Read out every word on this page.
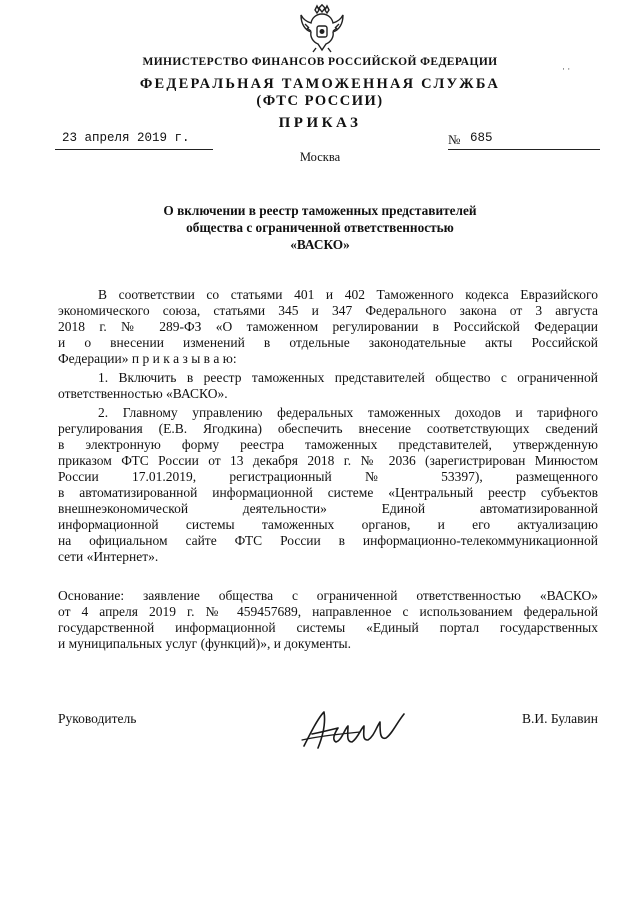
МИНИСТЕРСТВО ФИНАНСОВ РОССИЙСКОЙ ФЕДЕРАЦИИ
· ·
ФЕДЕРАЛЬНАЯ ТАМОЖЕННАЯ СЛУЖБА
(ФТС РОССИИ)
ПРИКАЗ
23 апреля 2019 г.	№ 685
Москва
О включении в реестр таможенных представителей
общества с ограниченной ответственностью
«ВАСКО»
В соответствии со статьями 401 и 402 Таможенного кодекса Евразийского
экономического союза, статьями 345 и 347 Федерального закона от 3 августа
2018 г. № 289-ФЗ «О таможенном регулировании в Российской Федерации
и о внесении изменений в отдельные законодательные акты Российской
Федерации» п р и к а з ы в а ю:
1. Включить в реестр таможенных представителей общество с ограниченной
ответственностью «ВАСКО».
2. Главному управлению федеральных таможенных доходов и тарифного
регулирования (Е.В. Ягодкина) обеспечить внесение соответствующих сведений
в электронную форму реестра таможенных представителей, утвержденную
приказом ФТС России от 13 декабря 2018 г. № 2036 (зарегистрирован Минюстом
России 17.01.2019, регистрационный № 53397), размещенного
в автоматизированной информационной системе «Центральный реестр субъектов
внешнеэкономической деятельности» Единой автоматизированной
информационной системы таможенных органов, и его актуализацию
на официальном сайте ФТС России в информационно-телекоммуникационной
сети «Интернет».
Основание: заявление общества с ограниченной ответственностью «ВАСКО»
от 4 апреля 2019 г. № 459457689, направленное с использованием федеральной
государственной информационной системы «Единый портал государственных
и муниципальных услуг (функций)», и документы.
Руководитель	В.И. Булавин
